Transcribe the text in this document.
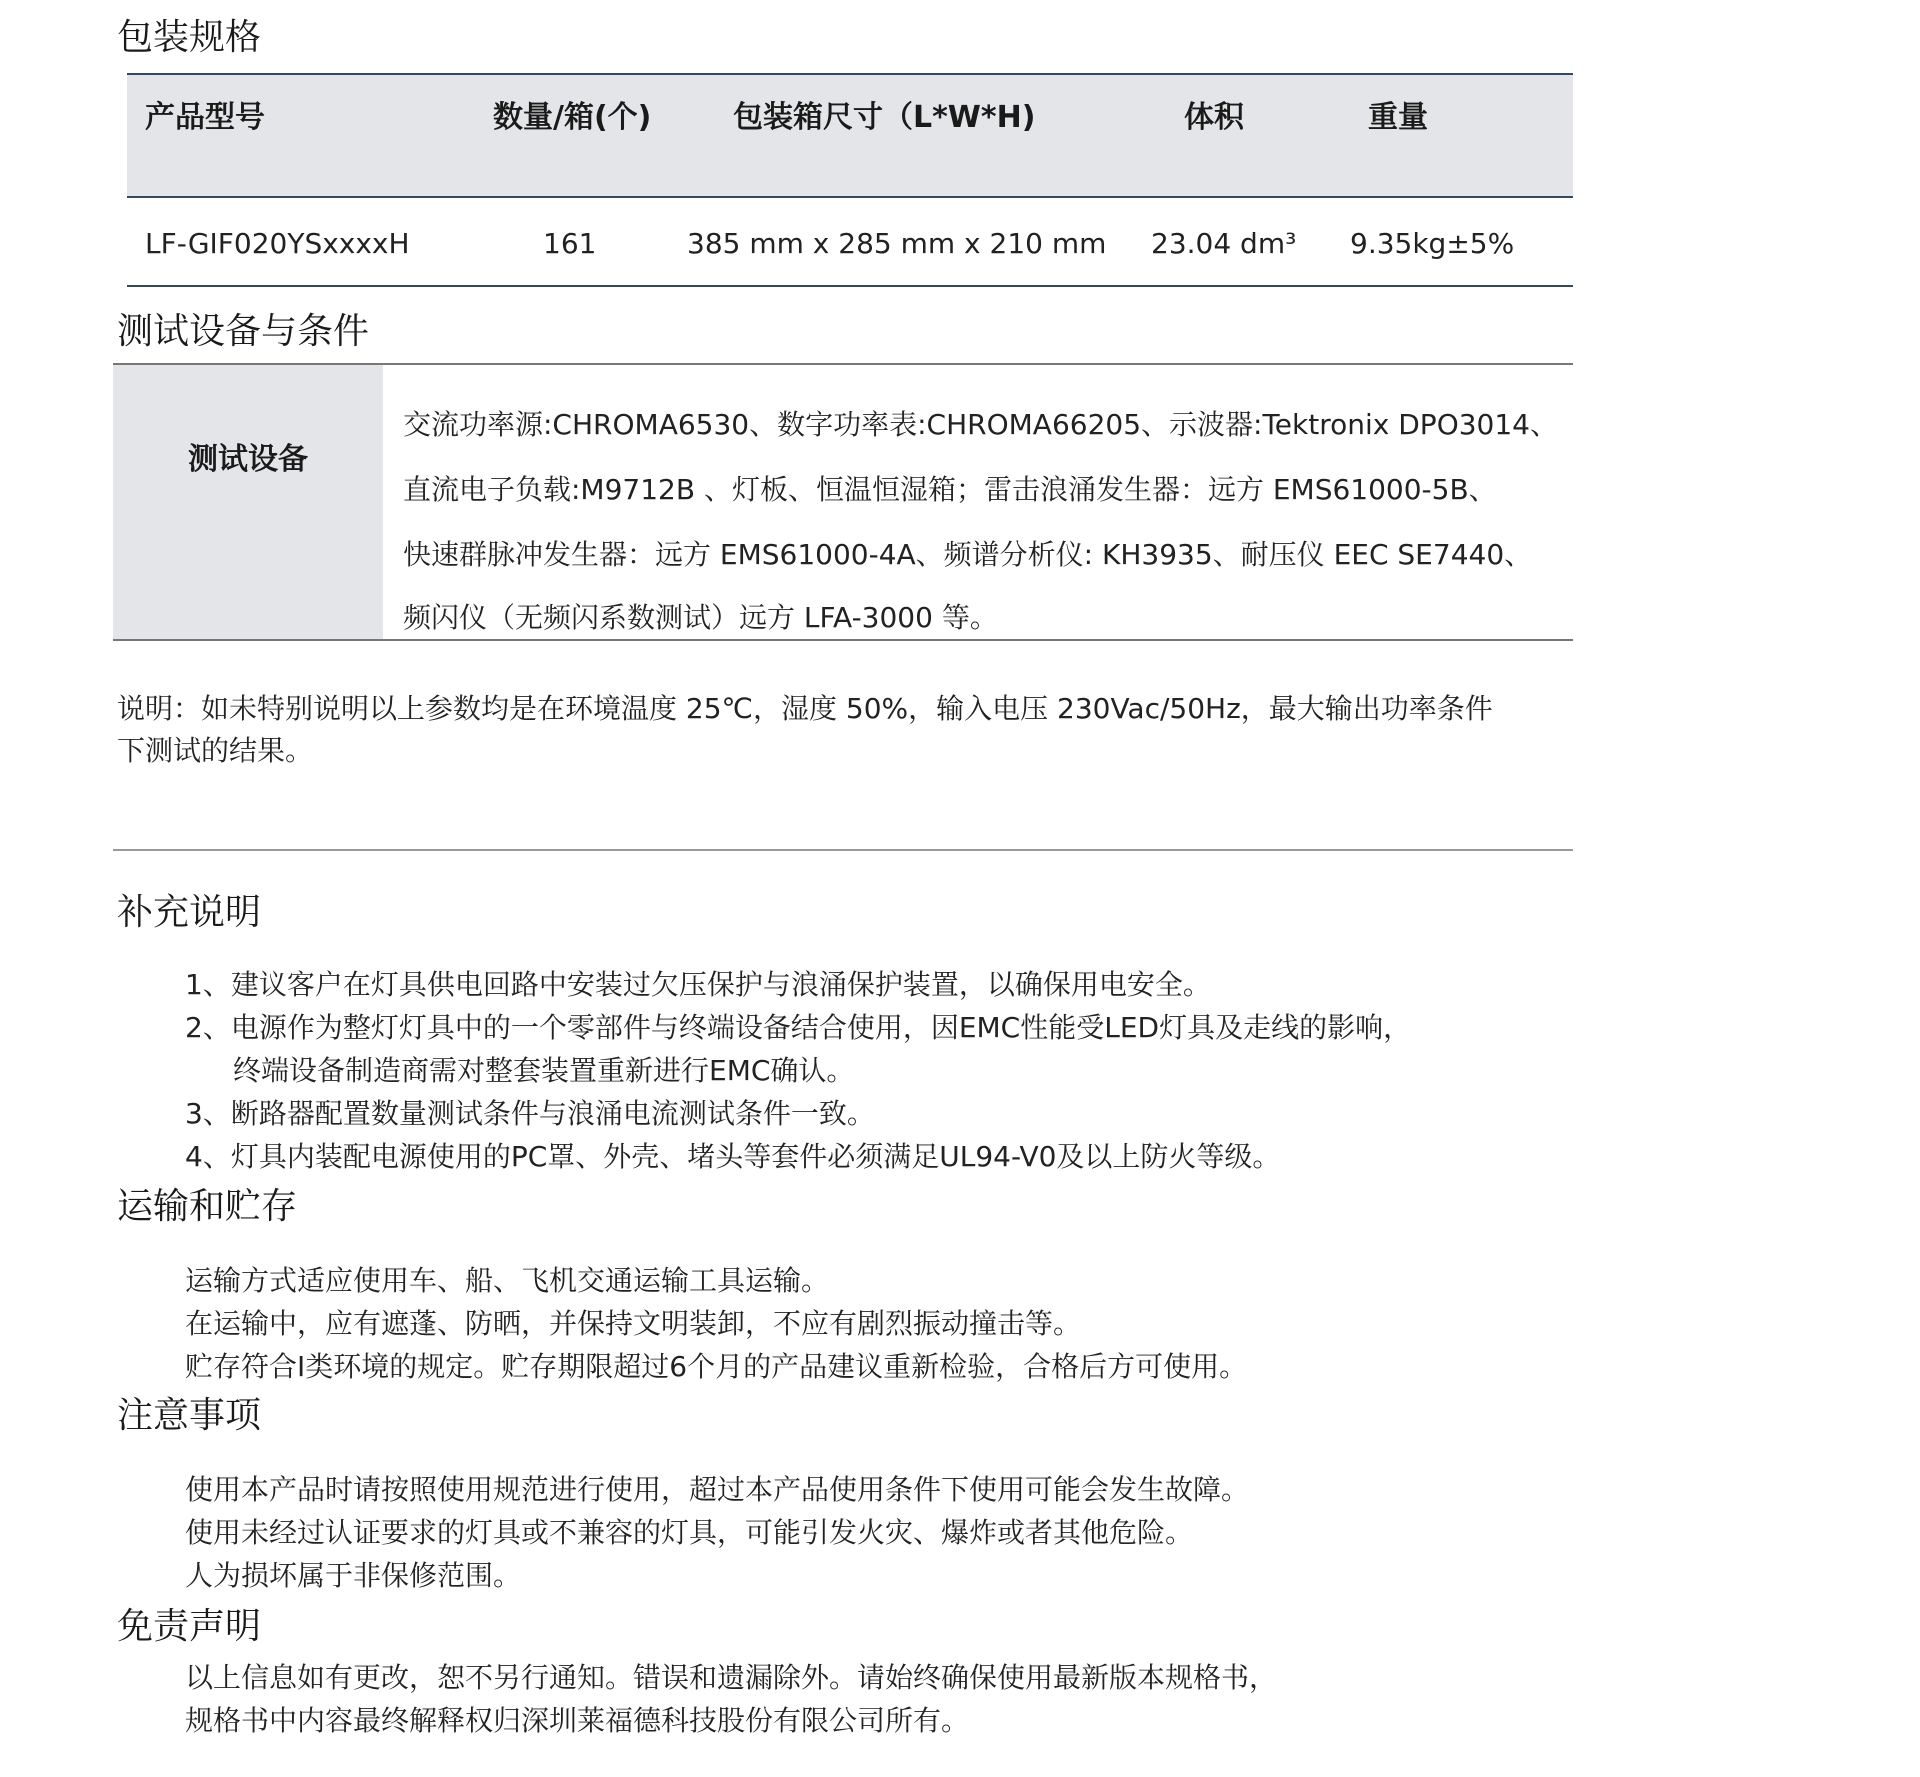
包装规格
产品型号	数量/箱(个)	包装箱尺寸（L*W*H)	体积	重量
LF-GIF020YSxxxxH	161	385 mm x 285 mm x 210 mm 23.04 dm³ 9.35kg±5%
测试设备与条件
测试设备
交流功率源:CHROMA6530、数字功率表:CHROMA66205、示波器:Tektronix DPO3014、
直流电子负载:M9712B 、灯板、恒温恒湿箱；雷击浪涌发生器：远方 EMS61000-5B、
快速群脉冲发生器：远方 EMS61000-4A、频谱分析仪: KH3935、耐压仪 EEC SE7440、
频闪仪（无频闪系数测试）远方 LFA-3000 等。
说明：如未特别说明以上参数均是在环境温度 25℃，湿度 50%，输入电压 230Vac/50Hz，最大输出功率条件
下测试的结果。
补充说明
1、建议客户在灯具供电回路中安装过欠压保护与浪涌保护装置，以确保用电安全。
2、电源作为整灯灯具中的一个零部件与终端设备结合使用，因EMC性能受LED灯具及走线的影响，
终端设备制造商需对整套装置重新进行EMC确认。
3、断路器配置数量测试条件与浪涌电流测试条件一致。
4、灯具内装配电源使用的PC罩、外壳、堵头等套件必须满足UL94-V0及以上防火等级。
运输和贮存
运输方式适应使用车、船、飞机交通运输工具运输。
在运输中，应有遮蓬、防晒，并保持文明装卸，不应有剧烈振动撞击等。
贮存符合I类环境的规定。贮存期限超过6个月的产品建议重新检验，合格后方可使用。
注意事项
使用本产品时请按照使用规范进行使用，超过本产品使用条件下使用可能会发生故障。
使用未经过认证要求的灯具或不兼容的灯具，可能引发火灾、爆炸或者其他危险。
人为损坏属于非保修范围。
免责声明
以上信息如有更改，恕不另行通知。错误和遗漏除外。请始终确保使用最新版本规格书，
规格书中内容最终解释权归深圳莱福德科技股份有限公司所有。
